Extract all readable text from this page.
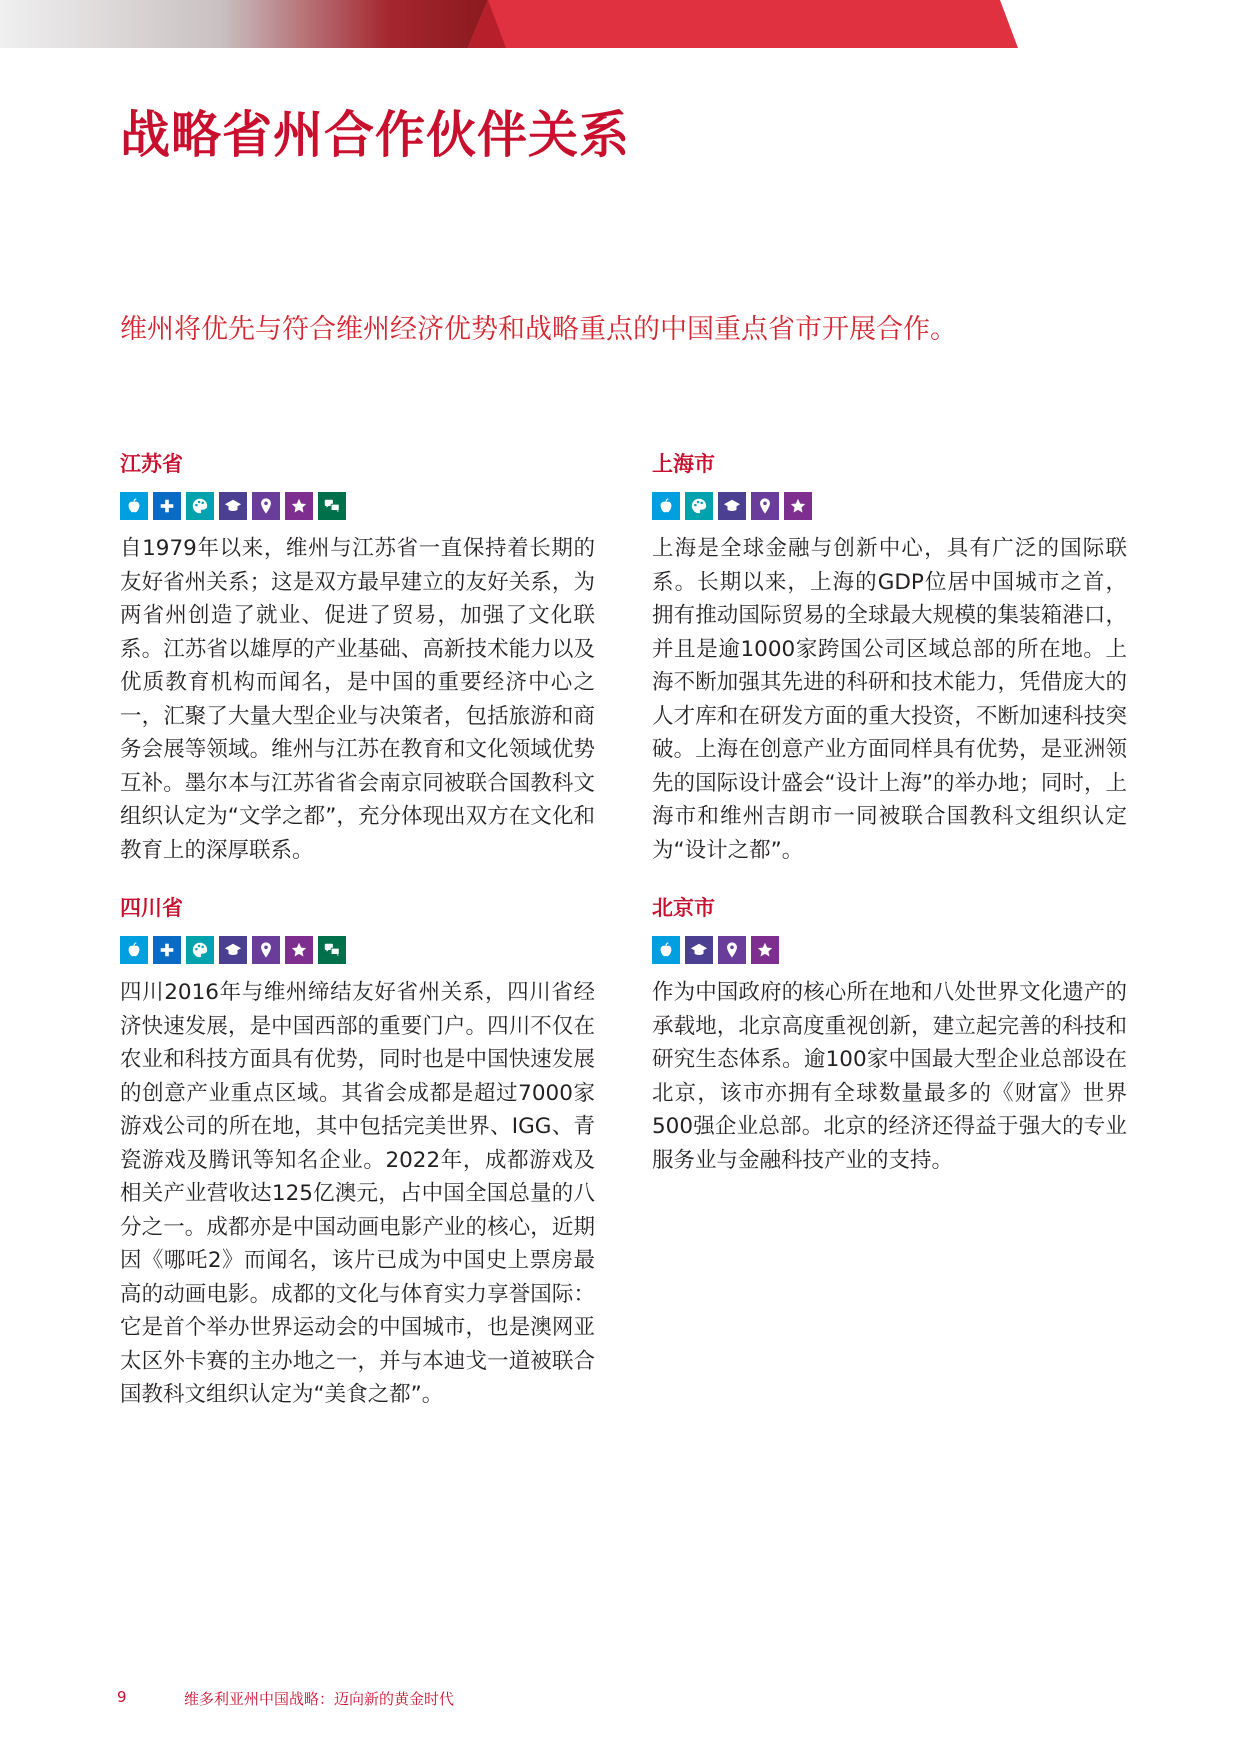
战略省州合作伙伴关系

维州将优先与符合维州经济优势和战略重点的中国重点省市开展合作。

江苏省

自1979年以来，维州与江苏省一直保持着长期的友好省州关系；这是双方最早建立的友好关系，为两省州创造了就业、促进了贸易，加强了文化联系。江苏省以雄厚的产业基础、高新技术能力以及优质教育机构而闻名，是中国的重要经济中心之一，汇聚了大量大型企业与决策者，包括旅游和商务会展等领域。维州与江苏在教育和文化领域优势互补。墨尔本与江苏省省会南京同被联合国教科文组织认定为“文学之都”，充分体现出双方在文化和教育上的深厚联系。

四川省

四川2016年与维州缔结友好省州关系，四川省经济快速发展，是中国西部的重要门户。四川不仅在农业和科技方面具有优势，同时也是中国快速发展的创意产业重点区域。其省会成都是超过7000家游戏公司的所在地，其中包括完美世界、IGG、青瓷游戏及腾讯等知名企业。2022年，成都游戏及相关产业营收达125亿澳元，占中国全国总量的八分之一。成都亦是中国动画电影产业的核心，近期因《哪吒2》而闻名，该片已成为中国史上票房最高的动画电影。成都的文化与体育实力享誉国际：它是首个举办世界运动会的中国城市，也是澳网亚太区外卡赛的主办地之一，并与本迪戈一道被联合国教科文组织认定为“美食之都”。

上海市

上海是全球金融与创新中心，具有广泛的国际联系。长期以来，上海的GDP位居中国城市之首，拥有推动国际贸易的全球最大规模的集装箱港口，并且是逾1000家跨国公司区域总部的所在地。上海不断加强其先进的科研和技术能力，凭借庞大的人才库和在研发方面的重大投资，不断加速科技突破。上海在创意产业方面同样具有优势，是亚洲领先的国际设计盛会“设计上海”的举办地；同时，上海市和维州吉朗市一同被联合国教科文组织认定为“设计之都”。

北京市

作为中国政府的核心所在地和八处世界文化遗产的承载地，北京高度重视创新，建立起完善的科技和研究生态体系。逾100家中国最大型企业总部设在北京，该市亦拥有全球数量最多的《财富》世界500强企业总部。北京的经济还得益于强大的专业服务业与金融科技产业的支持。

9	维多利亚州中国战略：迈向新的黄金时代
